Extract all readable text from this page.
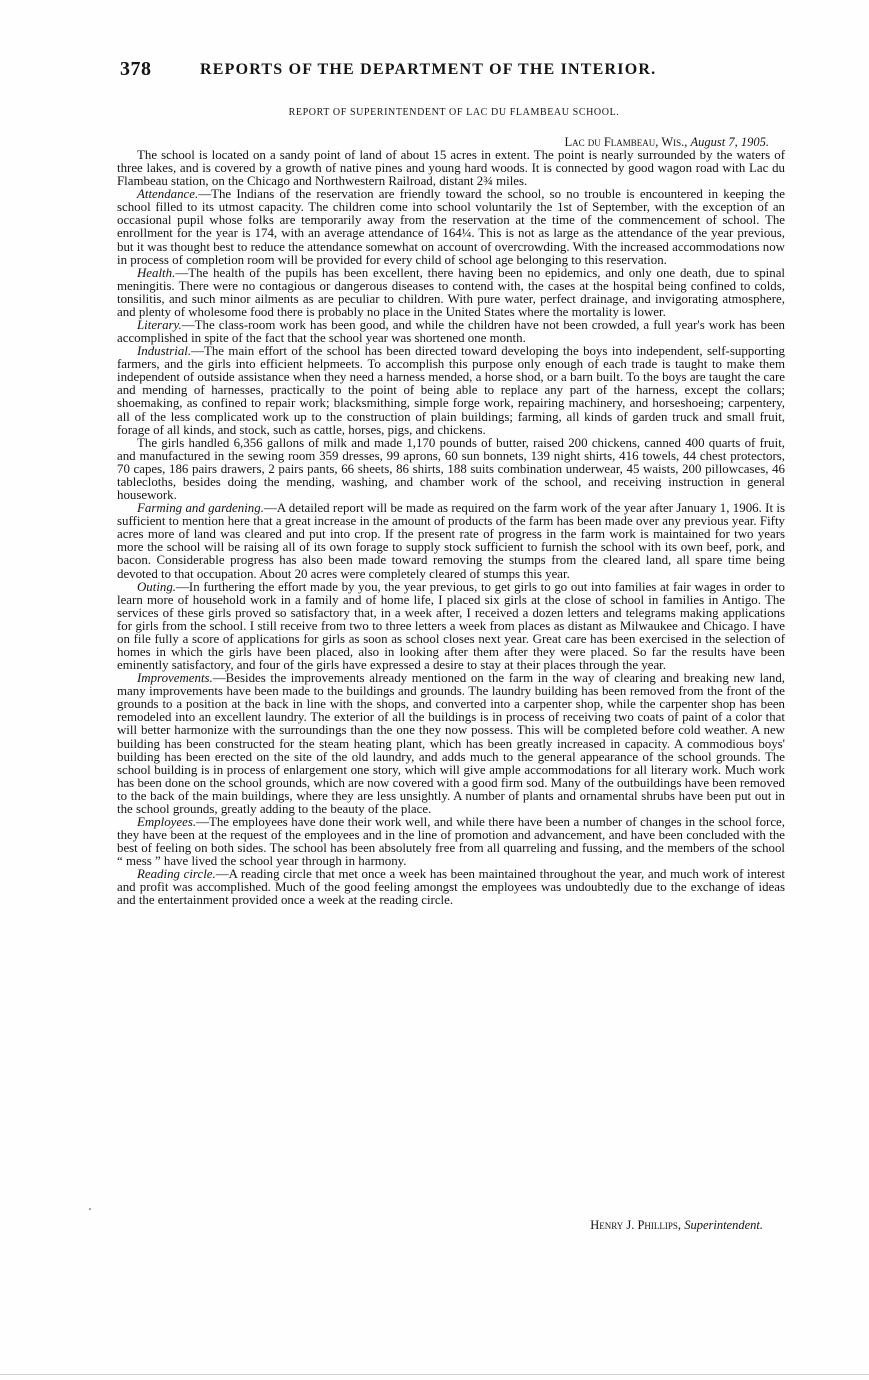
378	REPORTS OF THE DEPARTMENT OF THE INTERIOR.
REPORT OF SUPERINTENDENT OF LAC DU FLAMBEAU SCHOOL.
Lac du Flambeau, Wis., August 7, 1905.

The school is located on a sandy point of land of about 15 acres in extent. The point is nearly surrounded by the waters of three lakes, and is covered by a growth of native pines and young hard woods. It is connected by good wagon road with Lac du Flambeau station, on the Chicago and Northwestern Railroad, distant 2¾ miles.

Attendance.—The Indians of the reservation are friendly toward the school, so no trouble is encountered in keeping the school filled to its utmost capacity. The children come into school voluntarily the 1st of September, with the exception of an occasional pupil whose folks are temporarily away from the reservation at the time of the commencement of school. The enrollment for the year is 174, with an average attendance of 164¼. This is not as large as the attendance of the year previous, but it was thought best to reduce the attendance somewhat on account of overcrowding. With the increased accommodations now in process of completion room will be provided for every child of school age belonging to this reservation.

Health.—The health of the pupils has been excellent, there having been no epidemics, and only one death, due to spinal meningitis. There were no contagious or dangerous diseases to contend with, the cases at the hospital being confined to colds, tonsilitis, and such minor ailments as are peculiar to children. With pure water, perfect drainage, and invigorating atmosphere, and plenty of wholesome food there is probably no place in the United States where the mortality is lower.

Literary.—The class-room work has been good, and while the children have not been crowded, a full year's work has been accomplished in spite of the fact that the school year was shortened one month.

Industrial.—The main effort of the school has been directed toward developing the boys into independent, self-supporting farmers, and the girls into efficient helpmeets. To accomplish this purpose only enough of each trade is taught to make them independent of outside assistance when they need a harness mended, a horse shod, or a barn built. To the boys are taught the care and mending of harnesses, practically to the point of being able to replace any part of the harness, except the collars; shoemaking, as confined to repair work; blacksmithing, simple forge work, repairing machinery, and horseshoeing; carpentery, all of the less complicated work up to the construction of plain buildings; farming, all kinds of garden truck and small fruit, forage of all kinds, and stock, such as cattle, horses, pigs, and chickens.

The girls handled 6,356 gallons of milk and made 1,170 pounds of butter, raised 200 chickens, canned 400 quarts of fruit, and manufactured in the sewing room 359 dresses, 99 aprons, 60 sun bonnets, 139 night shirts, 416 towels, 44 chest protectors, 70 capes, 186 pairs drawers, 2 pairs pants, 66 sheets, 86 shirts, 188 suits combination underwear, 45 waists, 200 pillowcases, 46 tablecloths, besides doing the mending, washing, and chamber work of the school, and receiving instruction in general housework.

Farming and gardening.—A detailed report will be made as required on the farm work of the year after January 1, 1906. It is sufficient to mention here that a great increase in the amount of products of the farm has been made over any previous year. Fifty acres more of land was cleared and put into crop. If the present rate of progress in the farm work is maintained for two years more the school will be raising all of its own forage to supply stock sufficient to furnish the school with its own beef, pork, and bacon. Considerable progress has also been made toward removing the stumps from the cleared land, all spare time being devoted to that occupation. About 20 acres were completely cleared of stumps this year.

Outing.—In furthering the effort made by you, the year previous, to get girls to go out into families at fair wages in order to learn more of household work in a family and of home life, I placed six girls at the close of school in families in Antigo. The services of these girls proved so satisfactory that, in a week after, I received a dozen letters and telegrams making applications for girls from the school. I still receive from two to three letters a week from places as distant as Milwaukee and Chicago. I have on file fully a score of applications for girls as soon as school closes next year. Great care has been exercised in the selection of homes in which the girls have been placed, also in looking after them after they were placed. So far the results have been eminently satisfactory, and four of the girls have expressed a desire to stay at their places through the year.

Improvements.—Besides the improvements already mentioned on the farm in the way of clearing and breaking new land, many improvements have been made to the buildings and grounds. The laundry building has been removed from the front of the grounds to a position at the back in line with the shops, and converted into a carpenter shop, while the carpenter shop has been remodeled into an excellent laundry. The exterior of all the buildings is in process of receiving two coats of paint of a color that will better harmonize with the surroundings than the one they now possess. This will be completed before cold weather. A new building has been constructed for the steam heating plant, which has been greatly increased in capacity. A commodious boys' building has been erected on the site of the old laundry, and adds much to the general appearance of the school grounds. The school building is in process of enlargement one story, which will give ample accommodations for all literary work. Much work has been done on the school grounds, which are now covered with a good firm sod. Many of the outbuildings have been removed to the back of the main buildings, where they are less unsightly. A number of plants and ornamental shrubs have been put out in the school grounds, greatly adding to the beauty of the place.

Employees.—The employees have done their work well, and while there have been a number of changes in the school force, they have been at the request of the employees and in the line of promotion and advancement, and have been concluded with the best of feeling on both sides. The school has been absolutely free from all quarreling and fussing, and the members of the school “ mess ” have lived the school year through in harmony.

Reading circle.—A reading circle that met once a week has been maintained throughout the year, and much work of interest and profit was accomplished. Much of the good feeling amongst the employees was undoubtedly due to the exchange of ideas and the entertainment provided once a week at the reading circle.

Henry J. Phillips, Superintendent.
